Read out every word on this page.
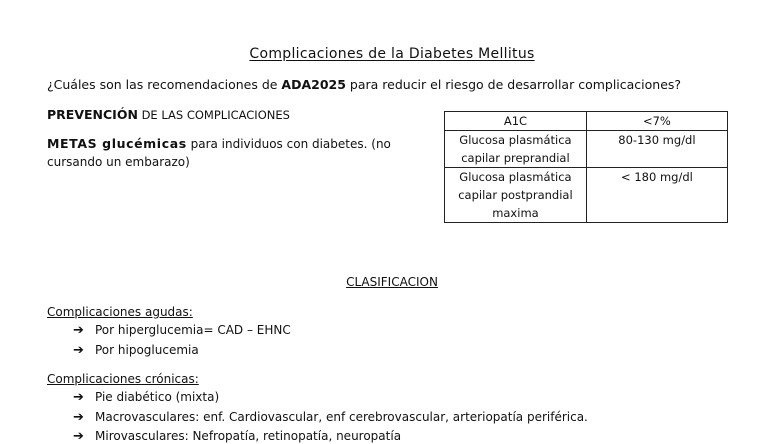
Complicaciones de la Diabetes Mellitus
¿Cuáles son las recomendaciones de ADA2025 para reducir el riesgo de desarrollar complicaciones?
PREVENCIÓN DE LAS COMPLICACIONES
METAS glucémicas para individuos con diabetes. (no cursando un embarazo)
A1C	<7%
Glucosa plasmática capilar preprandial	80-130 mg/dl
Glucosa plasmática capilar postprandial maxima	< 180 mg/dl
CLASIFICACION
Complicaciones agudas:
➔ Por hiperglucemia= CAD – EHNC
➔ Por hipoglucemia
Complicaciones crónicas:
➔ Pie diabético (mixta)
➔ Macrovasculares: enf. Cardiovascular, enf cerebrovascular, arteriopatía periférica.
➔ Mirovasculares: Nefropatía, retinopatía, neuropatía
